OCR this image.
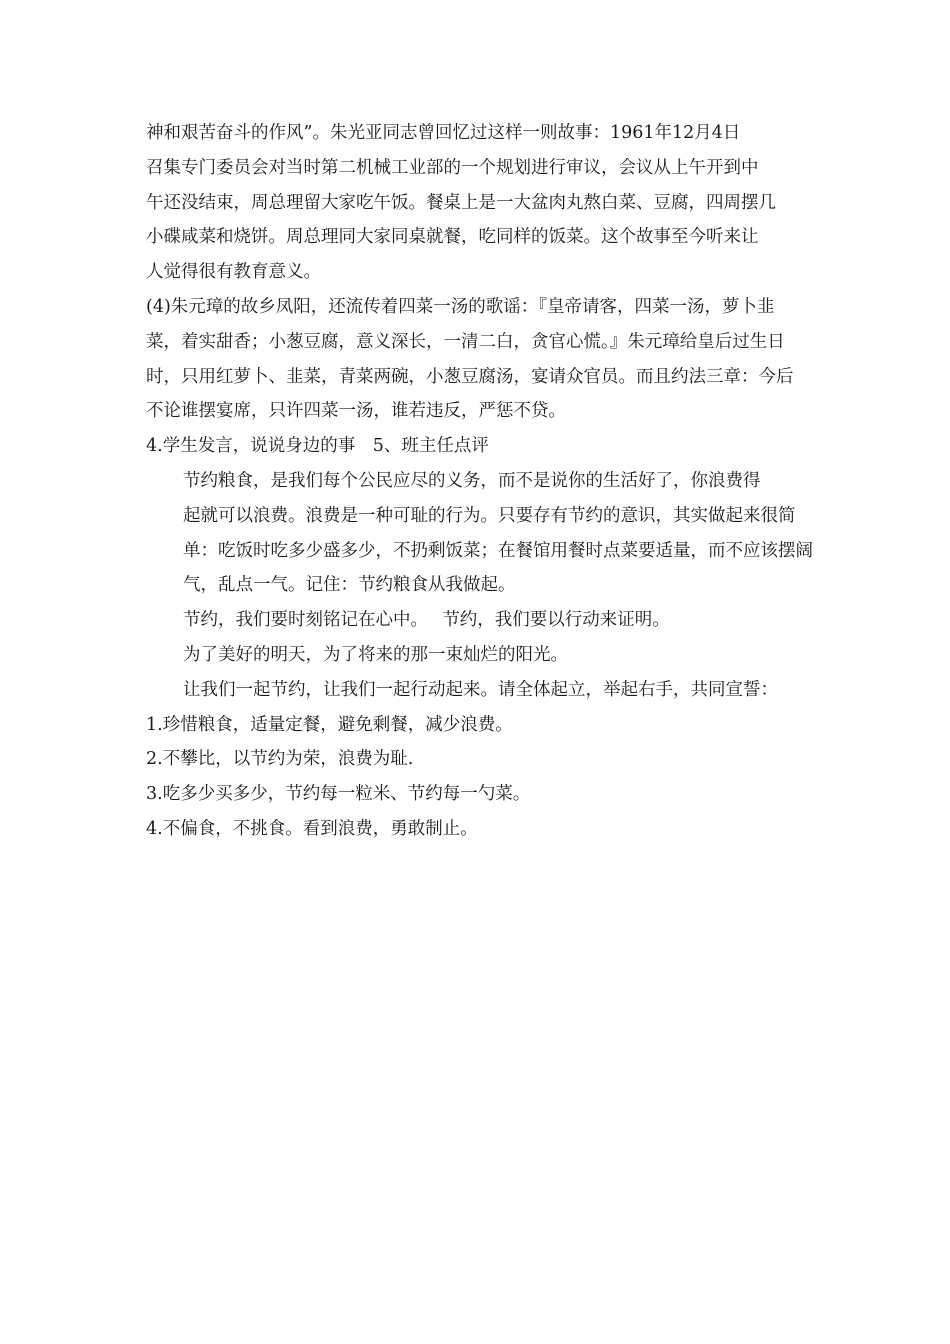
神和艰苦奋斗的作风”。朱光亚同志曾回忆过这样一则故事：1961年12月4日
召集专门委员会对当时第二机械工业部的一个规划进行审议，会议从上午开到中
午还没结束，周总理留大家吃午饭。餐桌上是一大盆肉丸熬白菜、豆腐，四周摆几
小碟咸菜和烧饼。周总理同大家同桌就餐，吃同样的饭菜。这个故事至今听来让
人觉得很有教育意义。

(4)朱元璋的故乡凤阳，还流传着四菜一汤的歌谣：『皇帝请客，四菜一汤，萝卜韭
菜，着实甜香；小葱豆腐，意义深长，一清二白，贪官心慌。』朱元璋给皇后过生日
时，只用红萝卜、韭菜，青菜两碗，小葱豆腐汤，宴请众官员。而且约法三章：今后
不论谁摆宴席，只许四菜一汤，谁若违反，严惩不贷。

4.学生发言，说说身边的事　5、班主任点评

节约粮食，是我们每个公民应尽的义务，而不是说你的生活好了，你浪费得
起就可以浪费。浪费是一种可耻的行为。只要存有节约的意识，其实做起来很简
单：吃饭时吃多少盛多少，不扔剩饭菜；在餐馆用餐时点菜要适量，而不应该摆阔
气，乱点一气。记住：节约粮食从我做起。

节约，我们要时刻铭记在心中。　 节约，我们要以行动来证明。

为了美好的明天，为了将来的那一束灿烂的阳光。

让我们一起节约，让我们一起行动起来。请全体起立，举起右手，共同宣誓：

1.珍惜粮食，适量定餐，避免剩餐，减少浪费。

2.不攀比，以节约为荣，浪费为耻.

3.吃多少买多少，节约每一粒米、节约每一勺菜。

4.不偏食，不挑食。看到浪费，勇敢制止。
